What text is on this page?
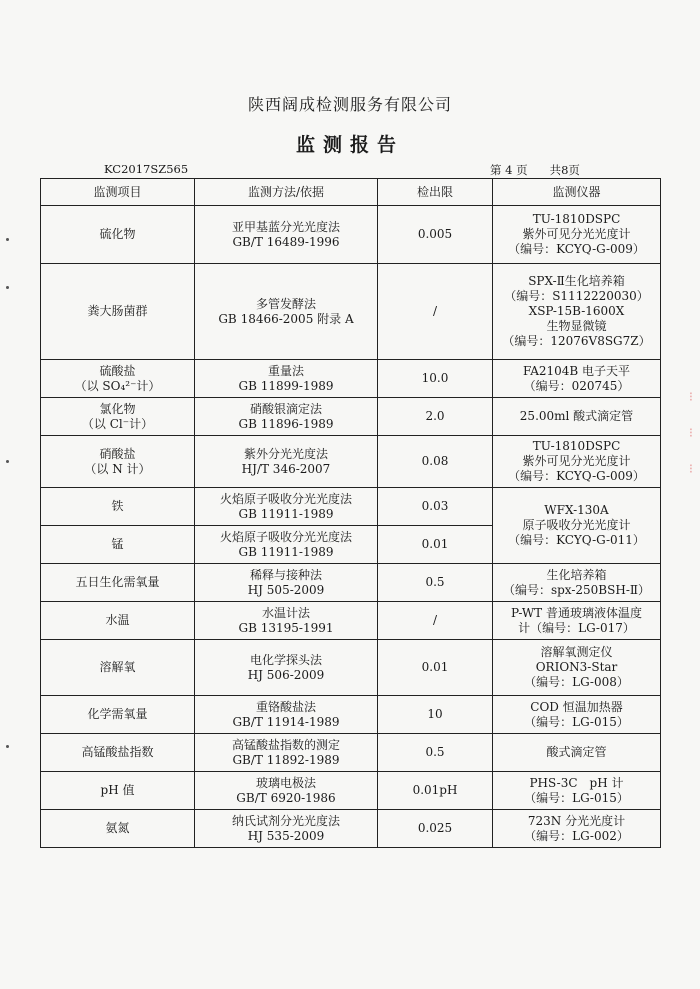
陕西阔成检测服务有限公司
监测报告
KC2017SZ565	第 4 页 共8页
监测项目	监测方法/依据	检出限	监测仪器

硫化物	亚甲基蓝分光光度法
GB/T 16489-1996	0.005	TU-1810DSPC
紫外可见分光光度计
（编号：KCYQ-G-009）

粪大肠菌群	多管发酵法
GB 18466-2005 附录 A	/	SPX-Ⅱ生化培养箱
（编号：S1112220030）
XSP-15B-1600X
生物显微镜
（编号：12076V8SG7Z）

硫酸盐
（以 SO₄²⁻计）	重量法
GB 11899-1989	10.0	FA2104B 电子天平
（编号：020745）

氯化物
（以 Cl⁻计）	硝酸银滴定法
GB 11896-1989	2.0	25.00ml 酸式滴定管

硝酸盐
（以 N 计）	紫外分光光度法
HJ/T 346-2007	0.08	TU-1810DSPC
紫外可见分光光度计
（编号：KCYQ-G-009）

铁	火焰原子吸收分光光度法
GB 11911-1989	0.03	WFX-130A
原子吸收分光光度计
（编号：KCYQ-G-011）

锰	火焰原子吸收分光光度法
GB 11911-1989	0.01	

五日生化需氧量	稀释与接种法
HJ 505-2009	0.5	生化培养箱
（编号：spx-250BSH-Ⅱ）

水温	水温计法
GB 13195-1991	/	P-WT 普通玻璃液体温度
计（编号：LG-017）

溶解氧	电化学探头法
HJ 506-2009	0.01	溶解氧测定仪
ORION3-Star
（编号：LG-008）

化学需氧量	重铬酸盐法
GB/T 11914-1989	10	COD 恒温加热器
（编号：LG-015）

高锰酸盐指数	高锰酸盐指数的测定
GB/T 11892-1989	0.5	酸式滴定管

pH 值	玻璃电极法
GB/T 6920-1986	0.01pH	PHS-3C　pH 计
（编号：LG-015）

氨氮	纳氏试剂分光光度法
HJ 535-2009	0.025	723N 分光光度计
（编号：LG-002）
⁝
⁝
⁝
